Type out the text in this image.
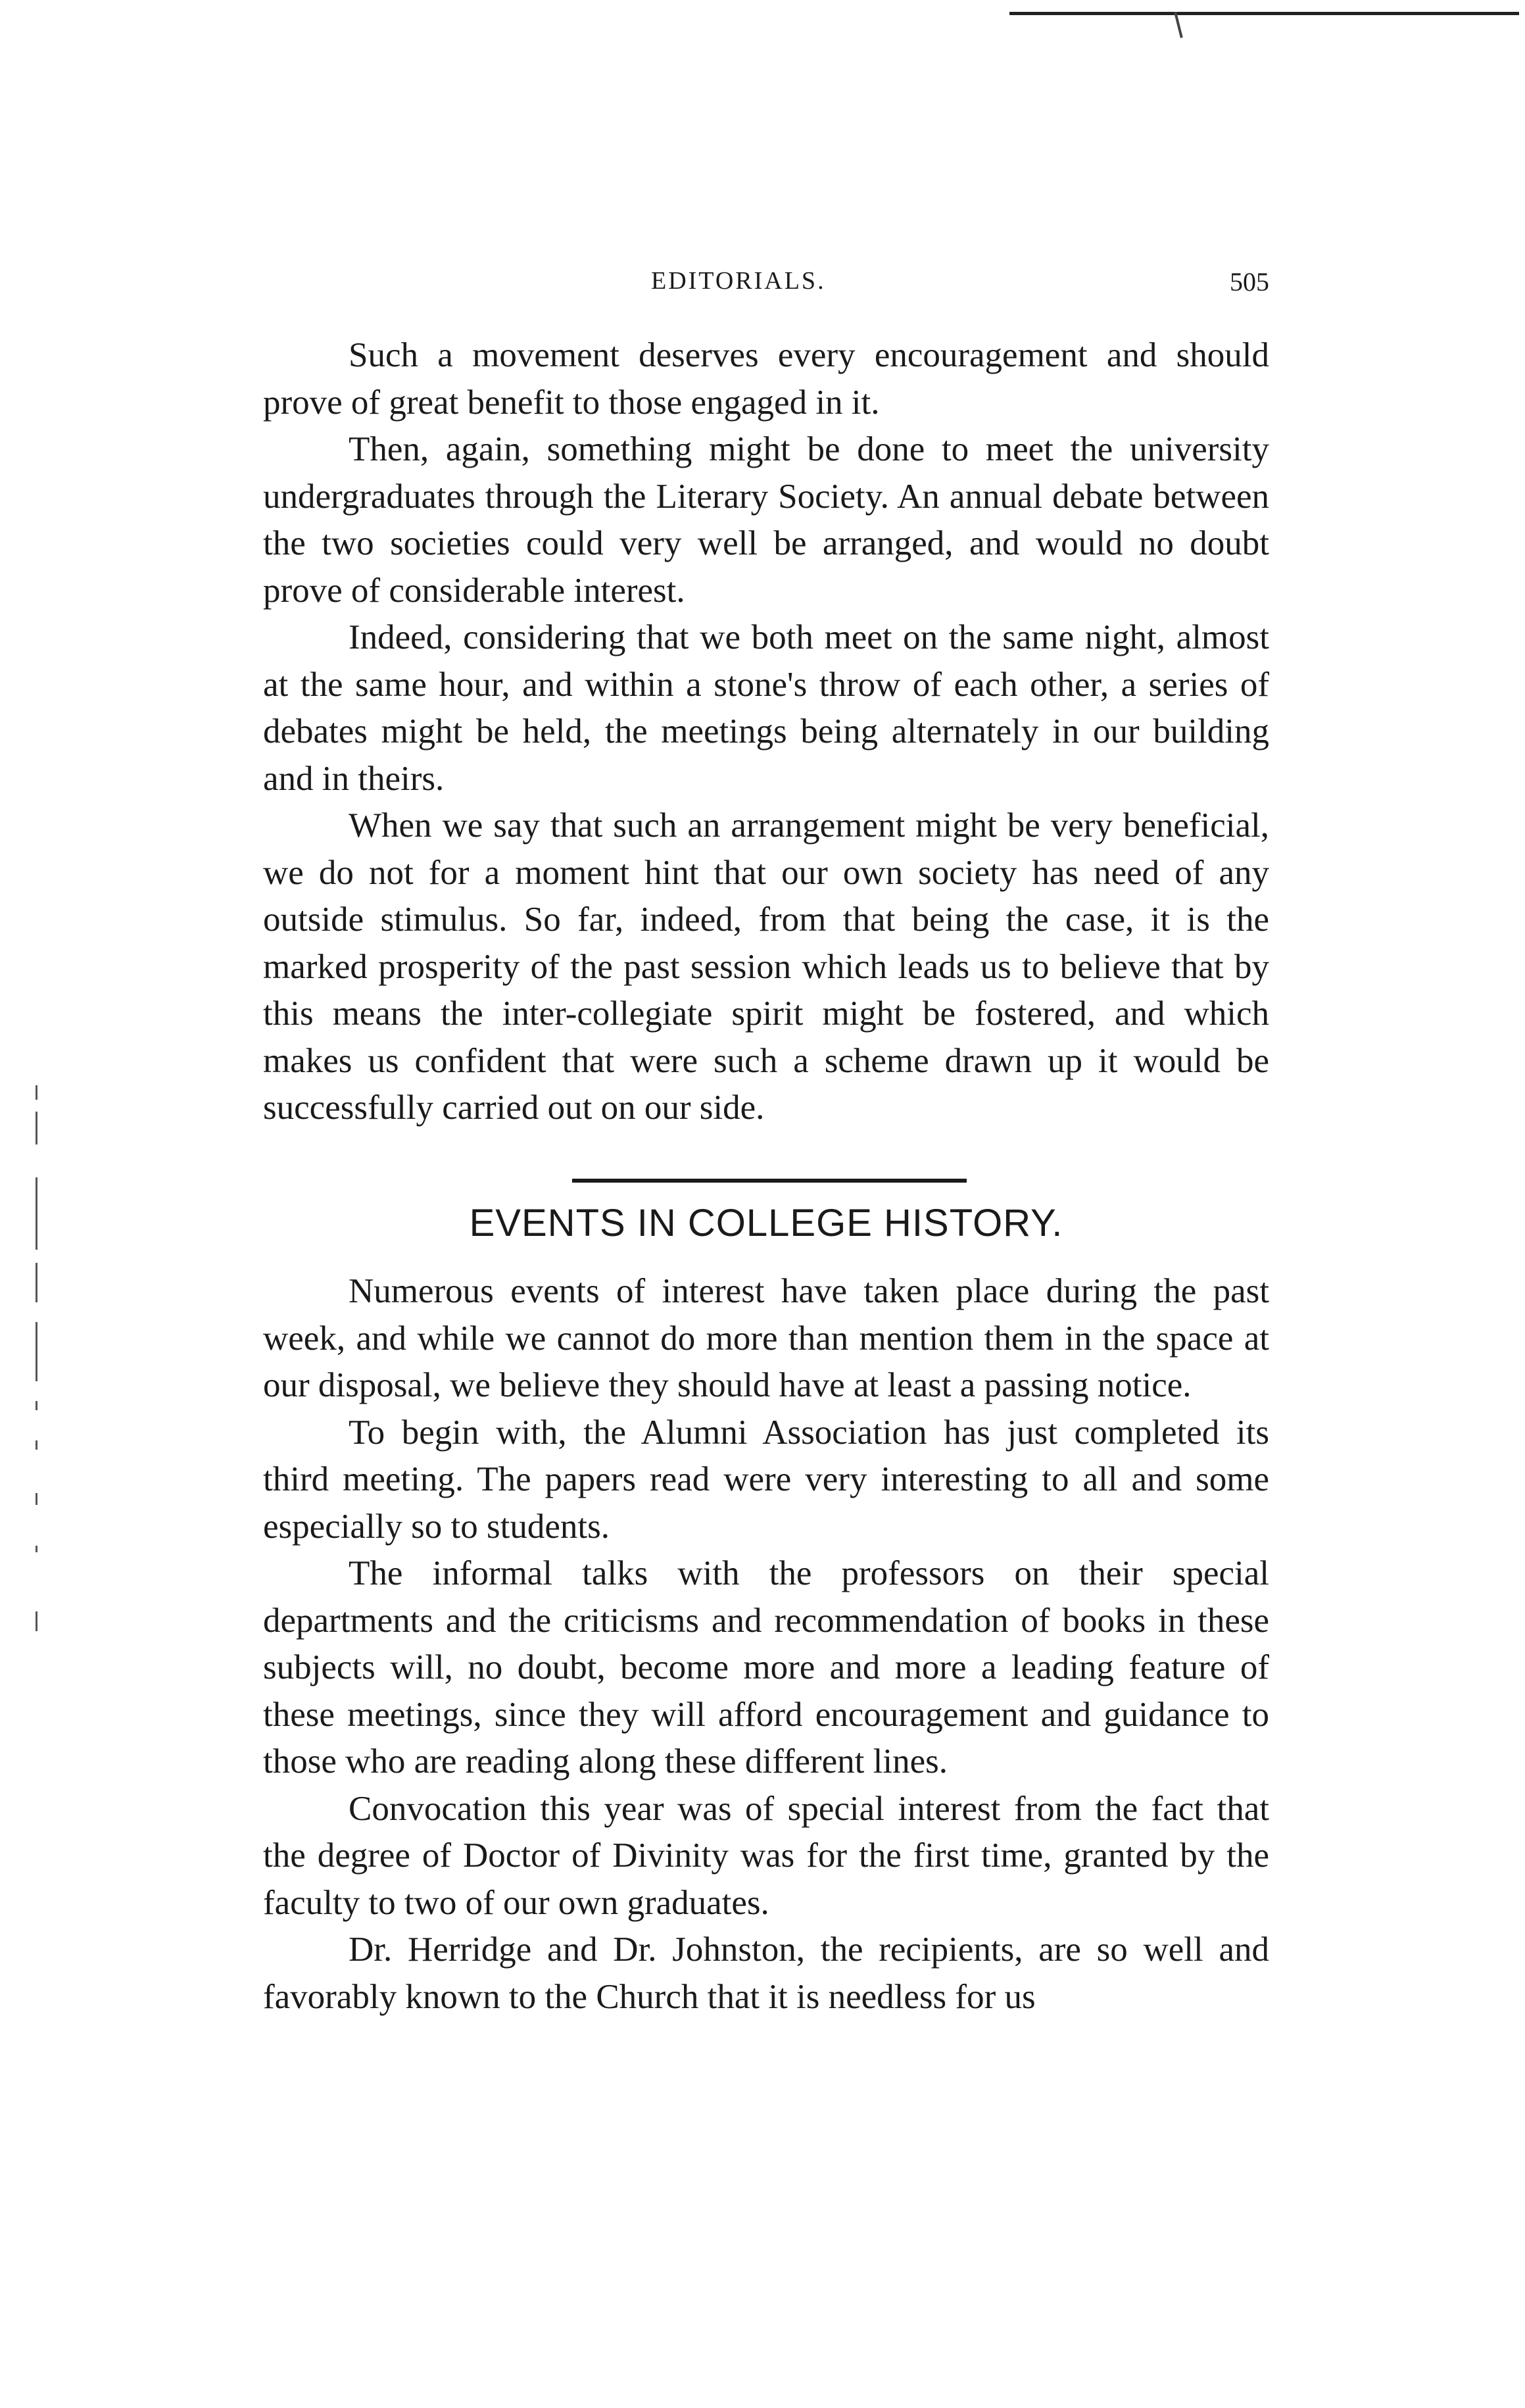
EDITORIALS.	505

Such a movement deserves every encouragement and should prove of great benefit to those engaged in it.

Then, again, something might be done to meet the university undergraduates through the Literary Society. An annual debate between the two societies could very well be arranged, and would no doubt prove of considerable interest.

Indeed, considering that we both meet on the same night, almost at the same hour, and within a stone's throw of each other, a series of debates might be held, the meetings being alternately in our building and in theirs.

When we say that such an arrangement might be very beneficial, we do not for a moment hint that our own society has need of any outside stimulus. So far, indeed, from that being the case, it is the marked prosperity of the past session which leads us to believe that by this means the inter-collegiate spirit might be fostered, and which makes us confident that were such a scheme drawn up it would be successfully carried out on our side.

EVENTS IN COLLEGE HISTORY.

Numerous events of interest have taken place during the past week, and while we cannot do more than mention them in the space at our disposal, we believe they should have at least a passing notice.

To begin with, the Alumni Association has just completed its third meeting. The papers read were very interesting to all and some especially so to students.

The informal talks with the professors on their special departments and the criticisms and recommendation of books in these subjects will, no doubt, become more and more a leading feature of these meetings, since they will afford encouragement and guidance to those who are reading along these different lines.

Convocation this year was of special interest from the fact that the degree of Doctor of Divinity was for the first time, granted by the faculty to two of our own graduates.

Dr. Herridge and Dr. Johnston, the recipients, are so well and favorably known to the Church that it is needless for us
